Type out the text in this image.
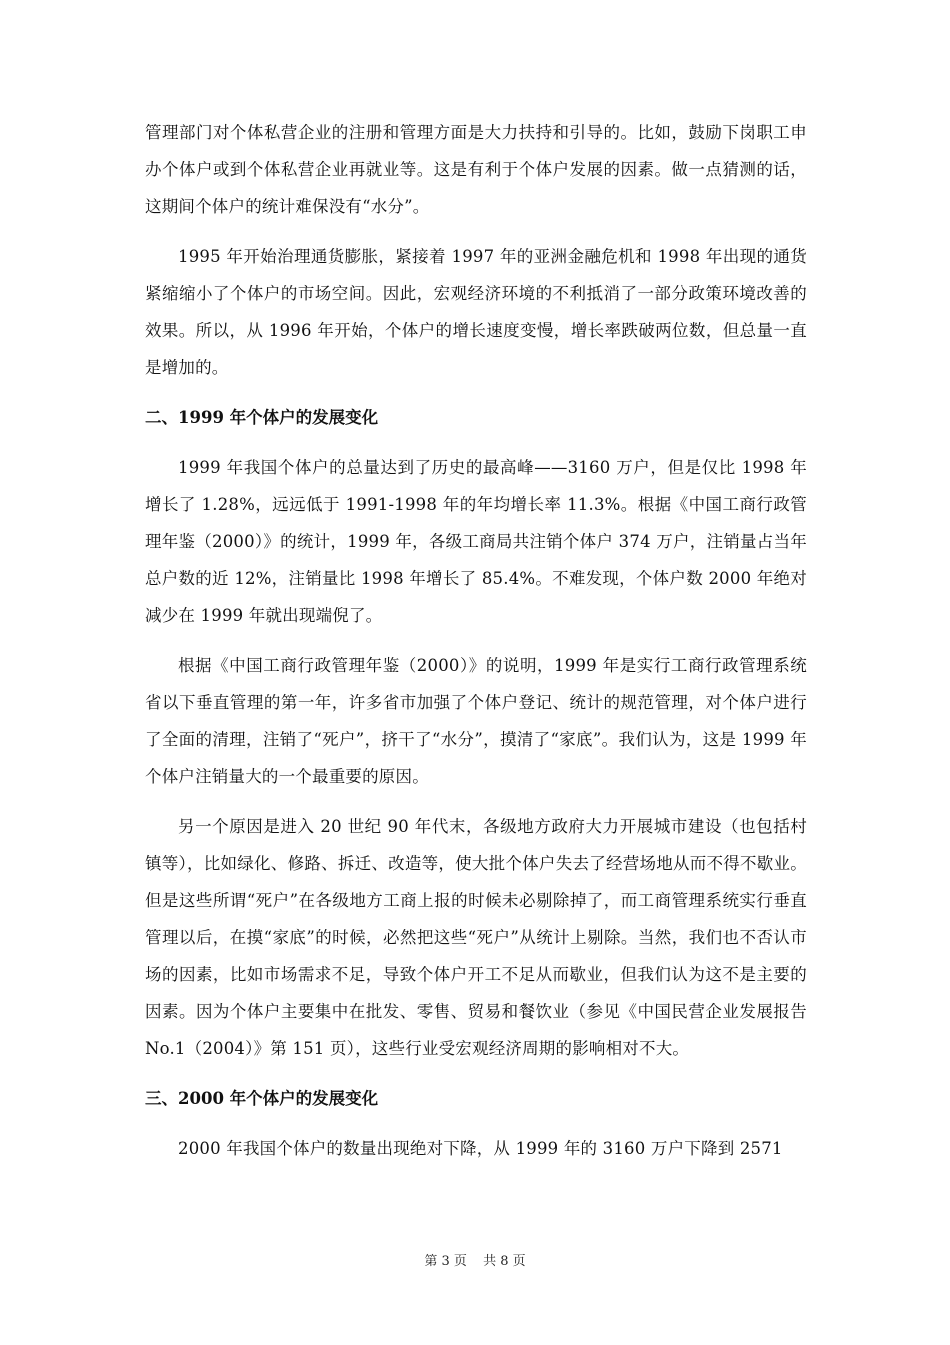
管理部门对个体私营企业的注册和管理方面是大力扶持和引导的。比如，鼓励下岗职工申办个体户或到个体私营企业再就业等。这是有利于个体户发展的因素。做一点猜测的话，这期间个体户的统计难保没有“水分”。

1995 年开始治理通货膨胀，紧接着 1997 年的亚洲金融危机和 1998 年出现的通货紧缩缩小了个体户的市场空间。因此，宏观经济环境的不利抵消了一部分政策环境改善的效果。所以，从 1996 年开始，个体户的增长速度变慢，增长率跌破两位数，但总量一直是增加的。

二、1999 年个体户的发展变化

1999 年我国个体户的总量达到了历史的最高峰——3160 万户，但是仅比 1998 年增长了 1.28%，远远低于 1991-1998 年的年均增长率 11.3%。根据《中国工商行政管理年鉴（2000）》的统计，1999 年，各级工商局共注销个体户 374 万户，注销量占当年总户数的近 12%，注销量比 1998 年增长了 85.4%。不难发现，个体户数 2000 年绝对减少在 1999 年就出现端倪了。

根据《中国工商行政管理年鉴（2000）》的说明，1999 年是实行工商行政管理系统省以下垂直管理的第一年，许多省市加强了个体户登记、统计的规范管理，对个体户进行了全面的清理，注销了“死户”，挤干了“水分”，摸清了“家底”。我们认为，这是 1999 年个体户注销量大的一个最重要的原因。

另一个原因是进入 20 世纪 90 年代末，各级地方政府大力开展城市建设（也包括村镇等），比如绿化、修路、拆迁、改造等，使大批个体户失去了经营场地从而不得不歇业。但是这些所谓“死户”在各级地方工商上报的时候未必剔除掉了，而工商管理系统实行垂直管理以后，在摸“家底”的时候，必然把这些“死户”从统计上剔除。当然，我们也不否认市场的因素，比如市场需求不足，导致个体户开工不足从而歇业，但我们认为这不是主要的因素。因为个体户主要集中在批发、零售、贸易和餐饮业（参见《中国民营企业发展报告 No.1（2004）》第 151 页），这些行业受宏观经济周期的影响相对不大。

三、2000 年个体户的发展变化

2000 年我国个体户的数量出现绝对下降，从 1999 年的 3160 万户下降到 2571

第 3 页 共 8 页
